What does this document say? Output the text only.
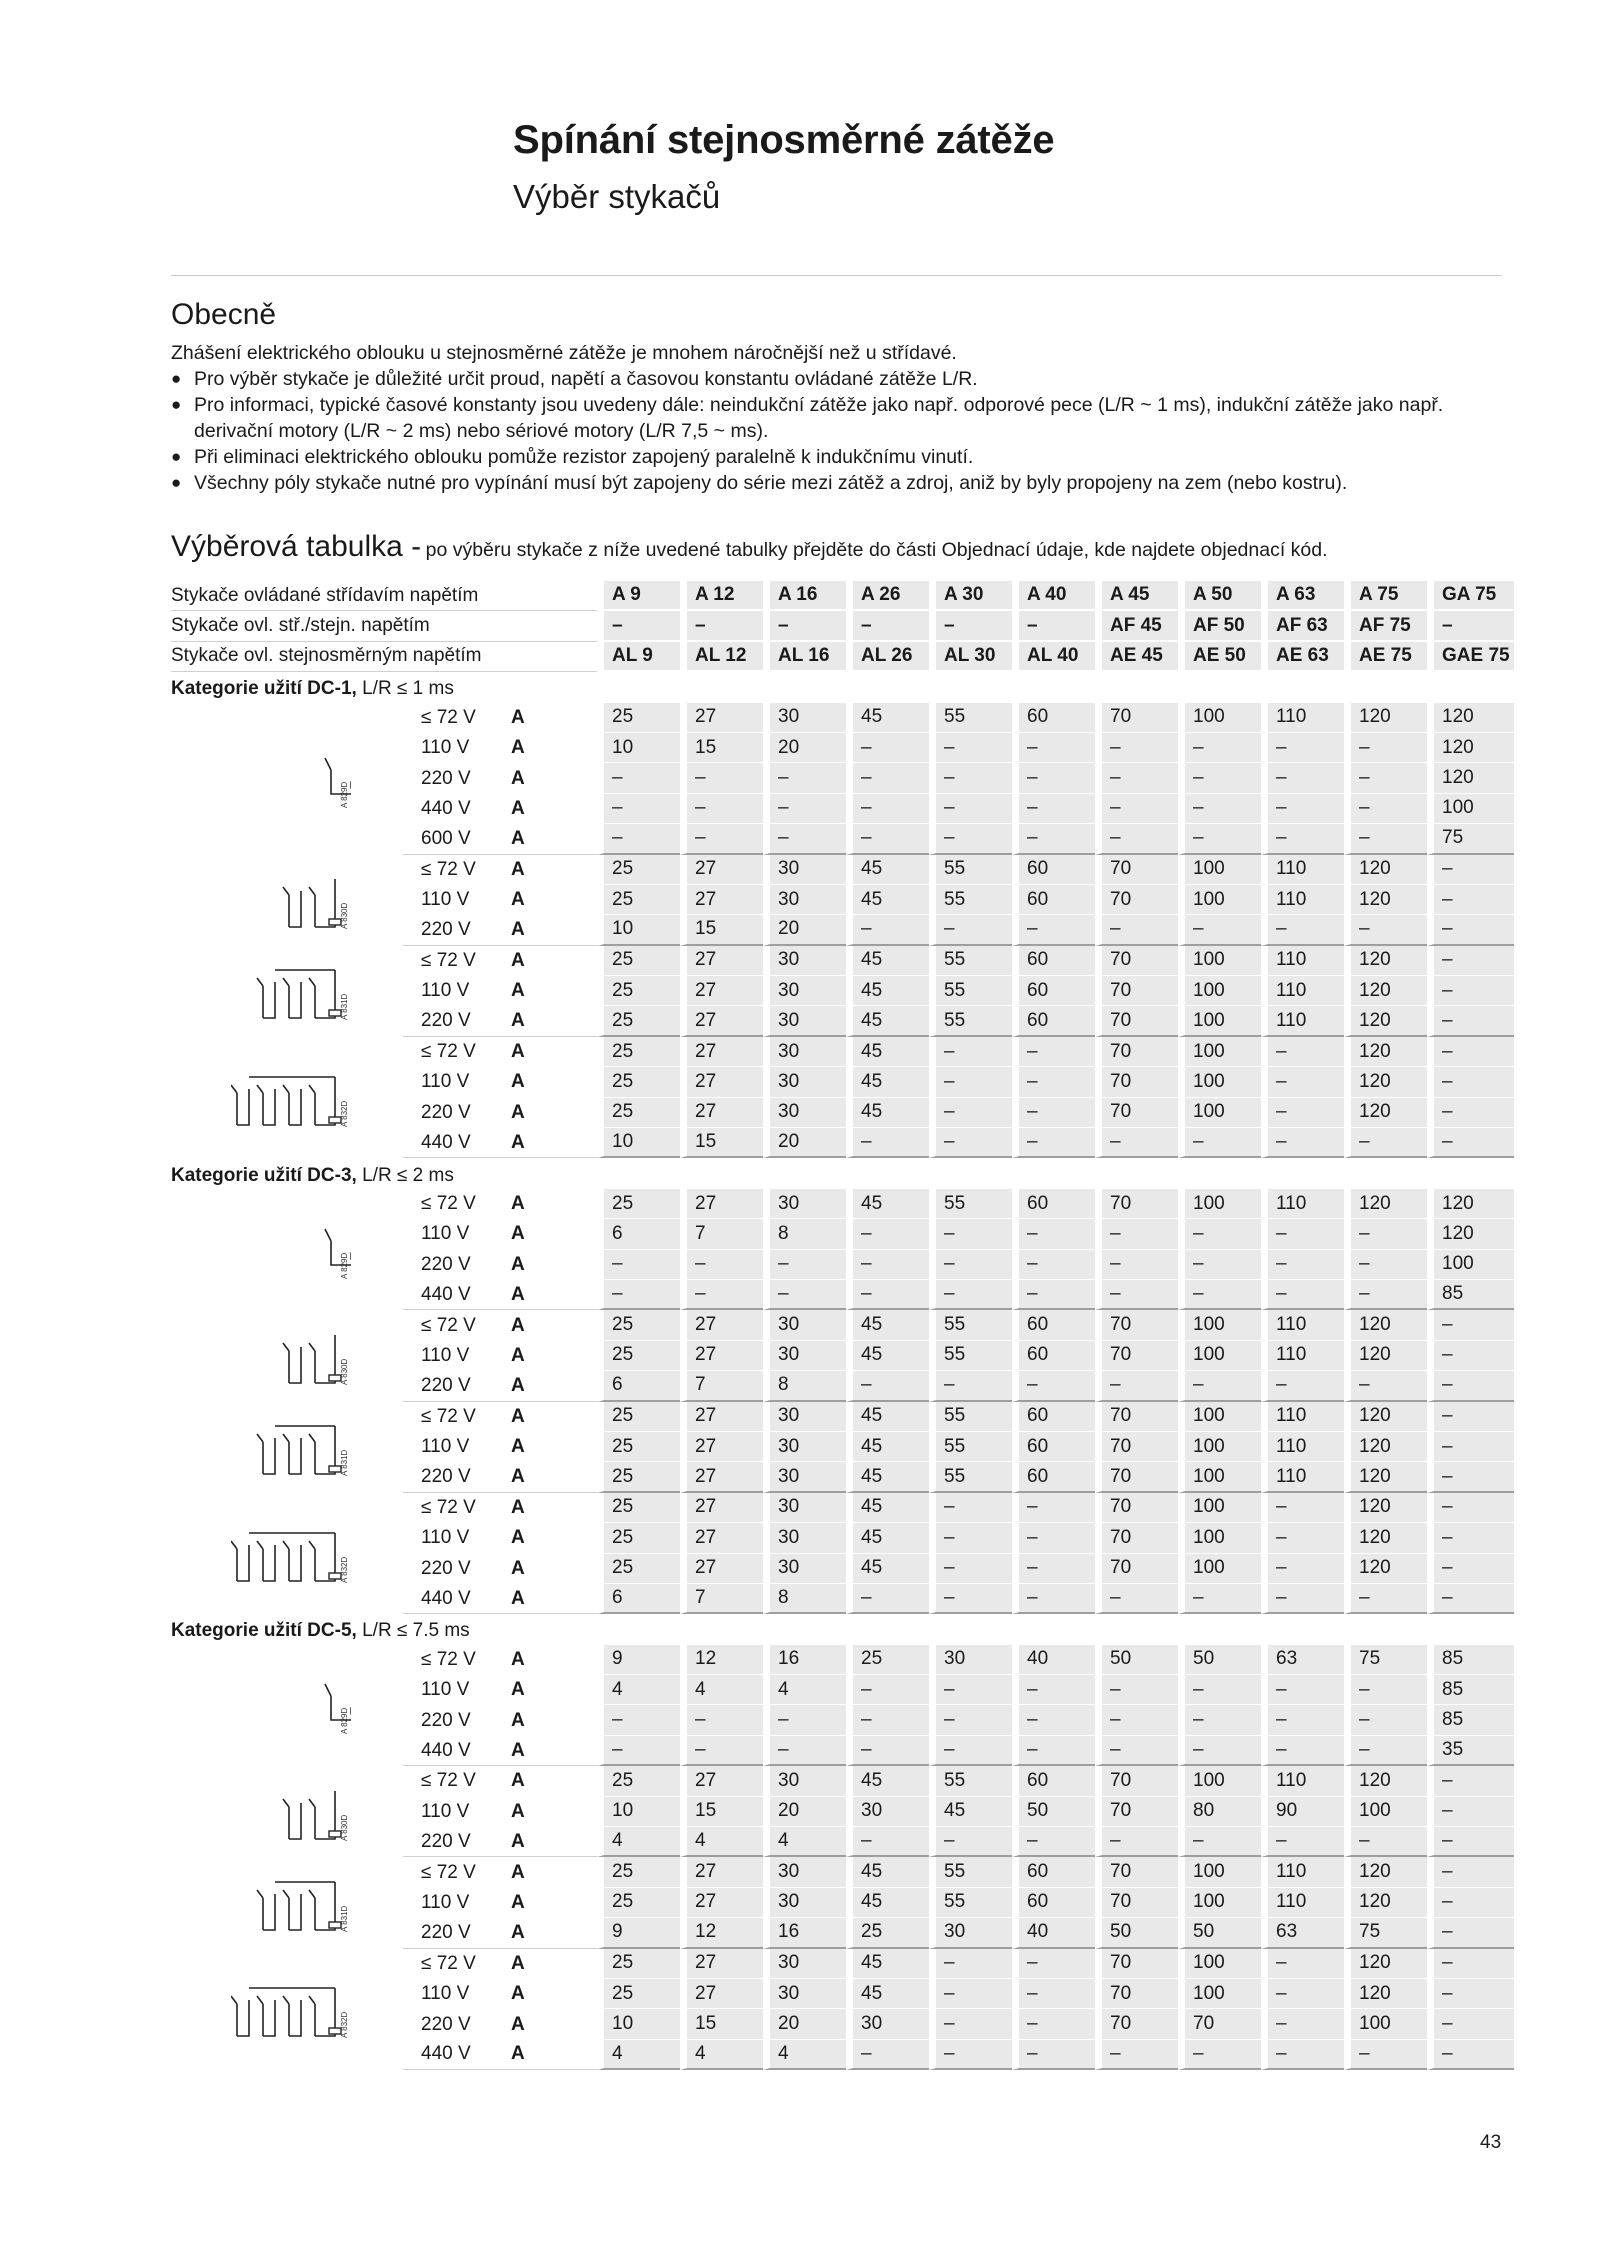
Spínání stejnosměrné zátěže
Výběr stykačů
Obecně

Zhášení elektrického oblouku u stejnosměrné zátěže je mnohem náročnější než u střídavé.

● Pro výběr stykače je důležité určit proud, napětí a časovou konstantu ovládané zátěže L/R.
● Pro informaci, typické časové konstanty jsou uvedeny dále: neindukční zátěže jako např. odporové pece (L/R ~ 1 ms), indukční zátěže jako např. derivační motory (L/R ~ 2 ms) nebo sériové motory (L/R 7,5 ~ ms).
● Při eliminaci elektrického oblouku pomůže rezistor zapojený paralelně k indukčnímu vinutí.
● Všechny póly stykače nutné pro vypínání musí být zapojeny do série mezi zátěž a zdroj, aniž by byly propojeny na zem (nebo kostru).
Výběrová tabulka - po výběru stykače z níže uvedené tabulky přejděte do části Objednací údaje, kde najdete objednací kód.
Stykače ovládané střídavím napětím			A 9	A 12	A 16	A 26	A 30	A 40	A 45	A 50	A 63	A 75	GA 75
Stykače ovl. stř./stejn. napětím			–	–	–	–	–	–	AF 45	AF 50	AF 63	AF 75	–
Stykače ovl. stejnosměrným napětím			AL 9	AL 12	AL 16	AL 26	AL 30	AL 40	AE 45	AE 50	AE 63	AE 75	GAE 75
Kategorie užití DC-1, L/R ≤ 1 ms													

A 829D	≤ 72 V	A	25	27	30	45	55	60	70	100	110	120	120
	110 V	A	10	15	20	–	–	–	–	–	–	–	120
	220 V	A	–	–	–	–	–	–	–	–	–	–	120
	440 V	A	–	–	–	–	–	–	–	–	–	–	100
	600 V	A	–	–	–	–	–	–	–	–	–	–	75

A 830D	≤ 72 V	A	25	27	30	45	55	60	70	100	110	120	–
	110 V	A	25	27	30	45	55	60	70	100	110	120	–
	220 V	A	10	15	20	–	–	–	–	–	–	–	–

A 831D	≤ 72 V	A	25	27	30	45	55	60	70	100	110	120	–
	110 V	A	25	27	30	45	55	60	70	100	110	120	–
	220 V	A	25	27	30	45	55	60	70	100	110	120	–

A 832D	≤ 72 V	A	25	27	30	45	–	–	70	100	–	120	–
	110 V	A	25	27	30	45	–	–	70	100	–	120	–
	220 V	A	25	27	30	45	–	–	70	100	–	120	–
	440 V	A	10	15	20	–	–	–	–	–	–	–	–
Kategorie užití DC-3, L/R ≤ 2 ms													

A 829D	≤ 72 V	A	25	27	30	45	55	60	70	100	110	120	120
	110 V	A	6	7	8	–	–	–	–	–	–	–	120
	220 V	A	–	–	–	–	–	–	–	–	–	–	100
	440 V	A	–	–	–	–	–	–	–	–	–	–	85

A 830D	≤ 72 V	A	25	27	30	45	55	60	70	100	110	120	–
	110 V	A	25	27	30	45	55	60	70	100	110	120	–
	220 V	A	6	7	8	–	–	–	–	–	–	–	–

A 831D	≤ 72 V	A	25	27	30	45	55	60	70	100	110	120	–
	110 V	A	25	27	30	45	55	60	70	100	110	120	–
	220 V	A	25	27	30	45	55	60	70	100	110	120	–

A 832D	≤ 72 V	A	25	27	30	45	–	–	70	100	–	120	–
	110 V	A	25	27	30	45	–	–	70	100	–	120	–
	220 V	A	25	27	30	45	–	–	70	100	–	120	–
	440 V	A	6	7	8	–	–	–	–	–	–	–	–
Kategorie užití DC-5, L/R ≤ 7.5 ms													

A 829D	≤ 72 V	A	9	12	16	25	30	40	50	50	63	75	85
	110 V	A	4	4	4	–	–	–	–	–	–	–	85
	220 V	A	–	–	–	–	–	–	–	–	–	–	85
	440 V	A	–	–	–	–	–	–	–	–	–	–	35

A 830D	≤ 72 V	A	25	27	30	45	55	60	70	100	110	120	–
	110 V	A	10	15	20	30	45	50	70	80	90	100	–
	220 V	A	4	4	4	–	–	–	–	–	–	–	–

A 831D	≤ 72 V	A	25	27	30	45	55	60	70	100	110	120	–
	110 V	A	25	27	30	45	55	60	70	100	110	120	–
	220 V	A	9	12	16	25	30	40	50	50	63	75	–

A 832D	≤ 72 V	A	25	27	30	45	–	–	70	100	–	120	–
	110 V	A	25	27	30	45	–	–	70	100	–	120	–
	220 V	A	10	15	20	30	–	–	70	70	–	100	–
	440 V	A	4	4	4	–	–	–	–	–	–	–	–
43
